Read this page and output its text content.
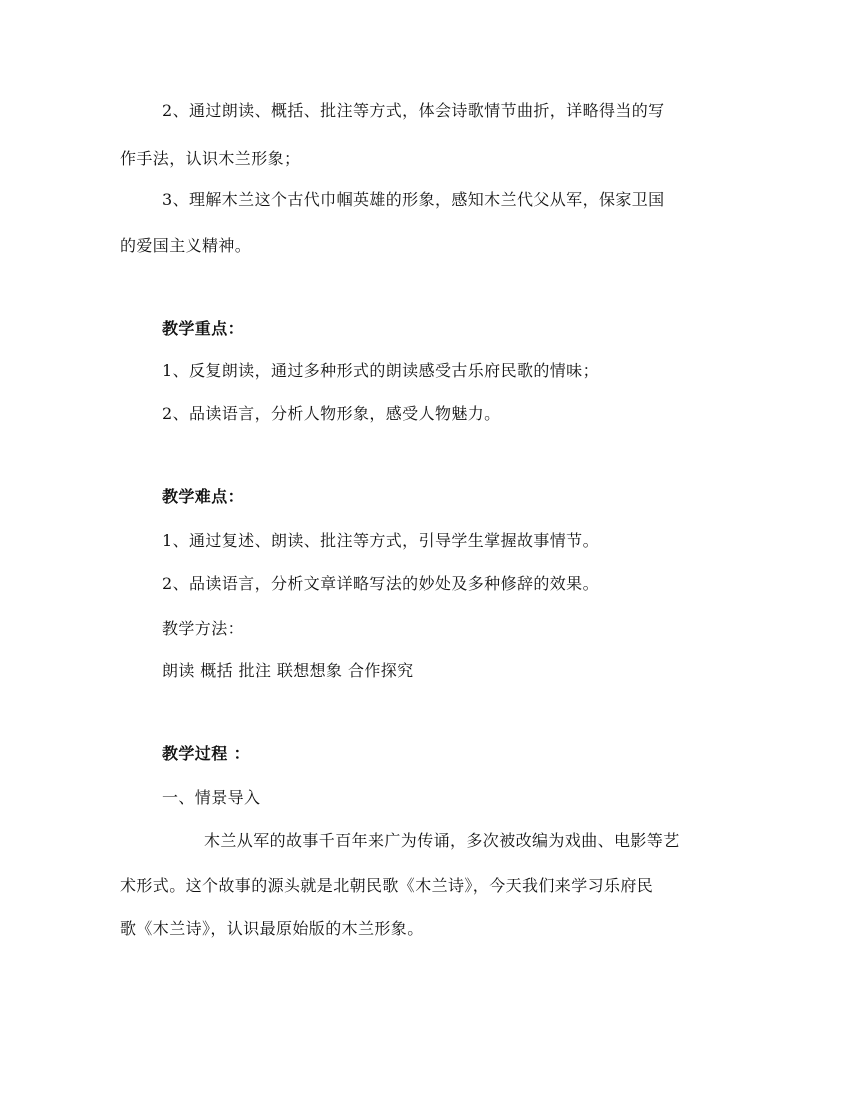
2、通过朗读、概括、批注等方式，体会诗歌情节曲折，详略得当的写
作手法，认识木兰形象；
3、理解木兰这个古代巾帼英雄的形象，感知木兰代父从军，保家卫国
的爱国主义精神。
教学重点：
1、反复朗读，通过多种形式的朗读感受古乐府民歌的情味；
2、品读语言，分析人物形象，感受人物魅力。
教学难点：
1、通过复述、朗读、批注等方式，引导学生掌握故事情节。
2、品读语言，分析文章详略写法的妙处及多种修辞的效果。
教学方法：
朗读 概括 批注 联想想象 合作探究
教学过程 ：
一、情景导入
木兰从军的故事千百年来广为传诵，多次被改编为戏曲、电影等艺
术形式。这个故事的源头就是北朝民歌《木兰诗》，今天我们来学习乐府民
歌《木兰诗》，认识最原始版的木兰形象。
